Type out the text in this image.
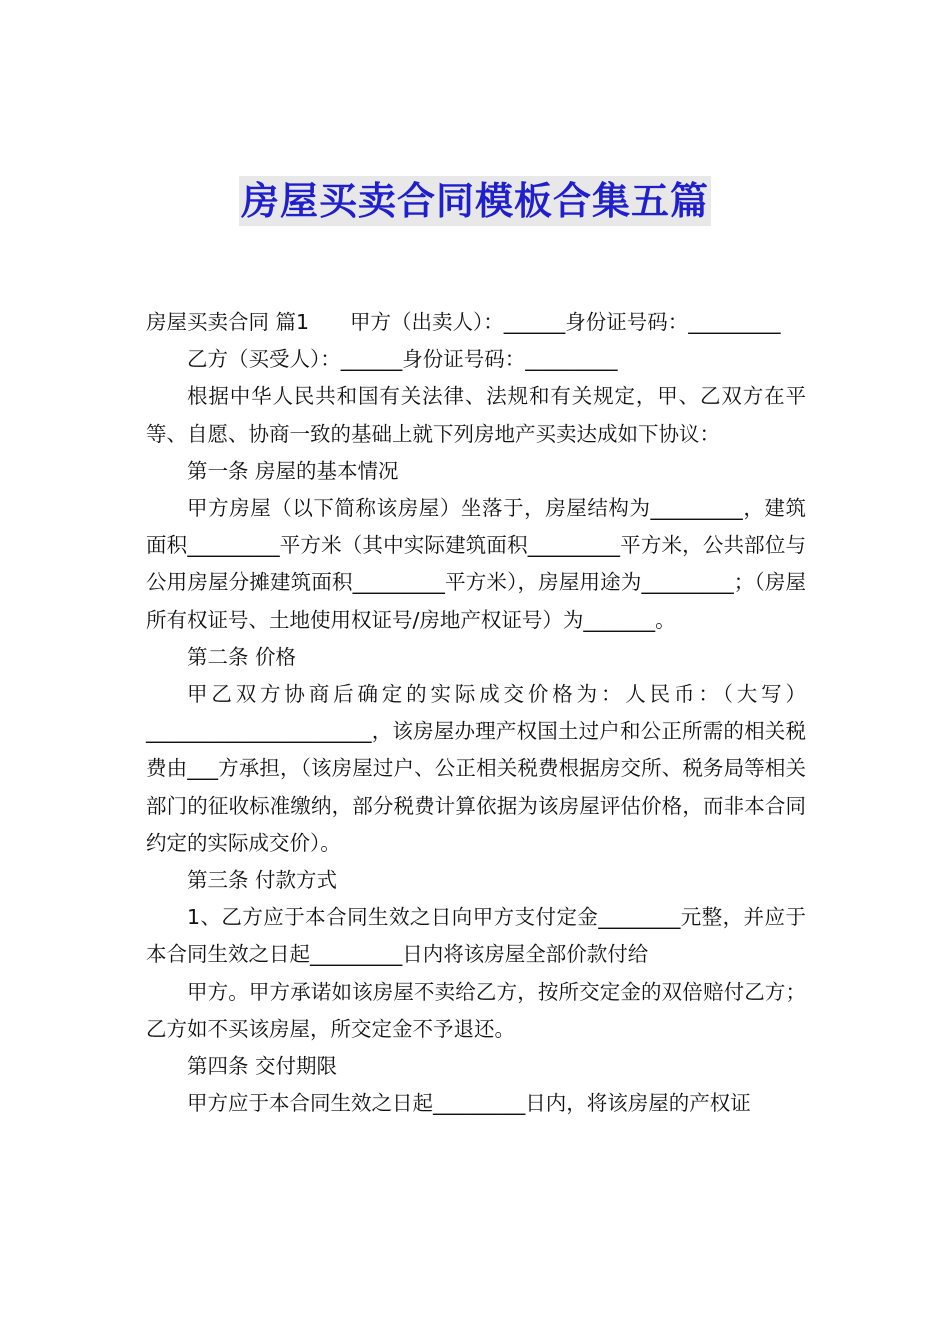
房屋买卖合同模板合集五篇

房屋买卖合同 篇1　　甲方（出卖人）：______身份证号码：_________

乙方（买受人）：______身份证号码：_________

根据中华人民共和国有关法律、法规和有关规定，甲、乙双方在平等、自愿、协商一致的基础上就下列房地产买卖达成如下协议：

第一条 房屋的基本情况

甲方房屋（以下简称该房屋）坐落于，房屋结构为_________，建筑面积_________平方米（其中实际建筑面积_________平方米，公共部位与公用房屋分摊建筑面积_________平方米），房屋用途为_________；（房屋所有权证号、土地使用权证号/房地产权证号）为_______。

第二条 价格

甲乙双方协商后确定的实际成交价格为：人民币：（大写）______________________，该房屋办理产权国土过户和公正所需的相关税费由___方承担，（该房屋过户、公正相关税费根据房交所、税务局等相关部门的征收标准缴纳，部分税费计算依据为该房屋评估价格，而非本合同约定的实际成交价）。

第三条 付款方式

1、乙方应于本合同生效之日向甲方支付定金________元整，并应于本合同生效之日起_________日内将该房屋全部价款付给

甲方。甲方承诺如该房屋不卖给乙方，按所交定金的双倍赔付乙方；乙方如不买该房屋，所交定金不予退还。

第四条 交付期限

甲方应于本合同生效之日起_________日内，将该房屋的产权证
